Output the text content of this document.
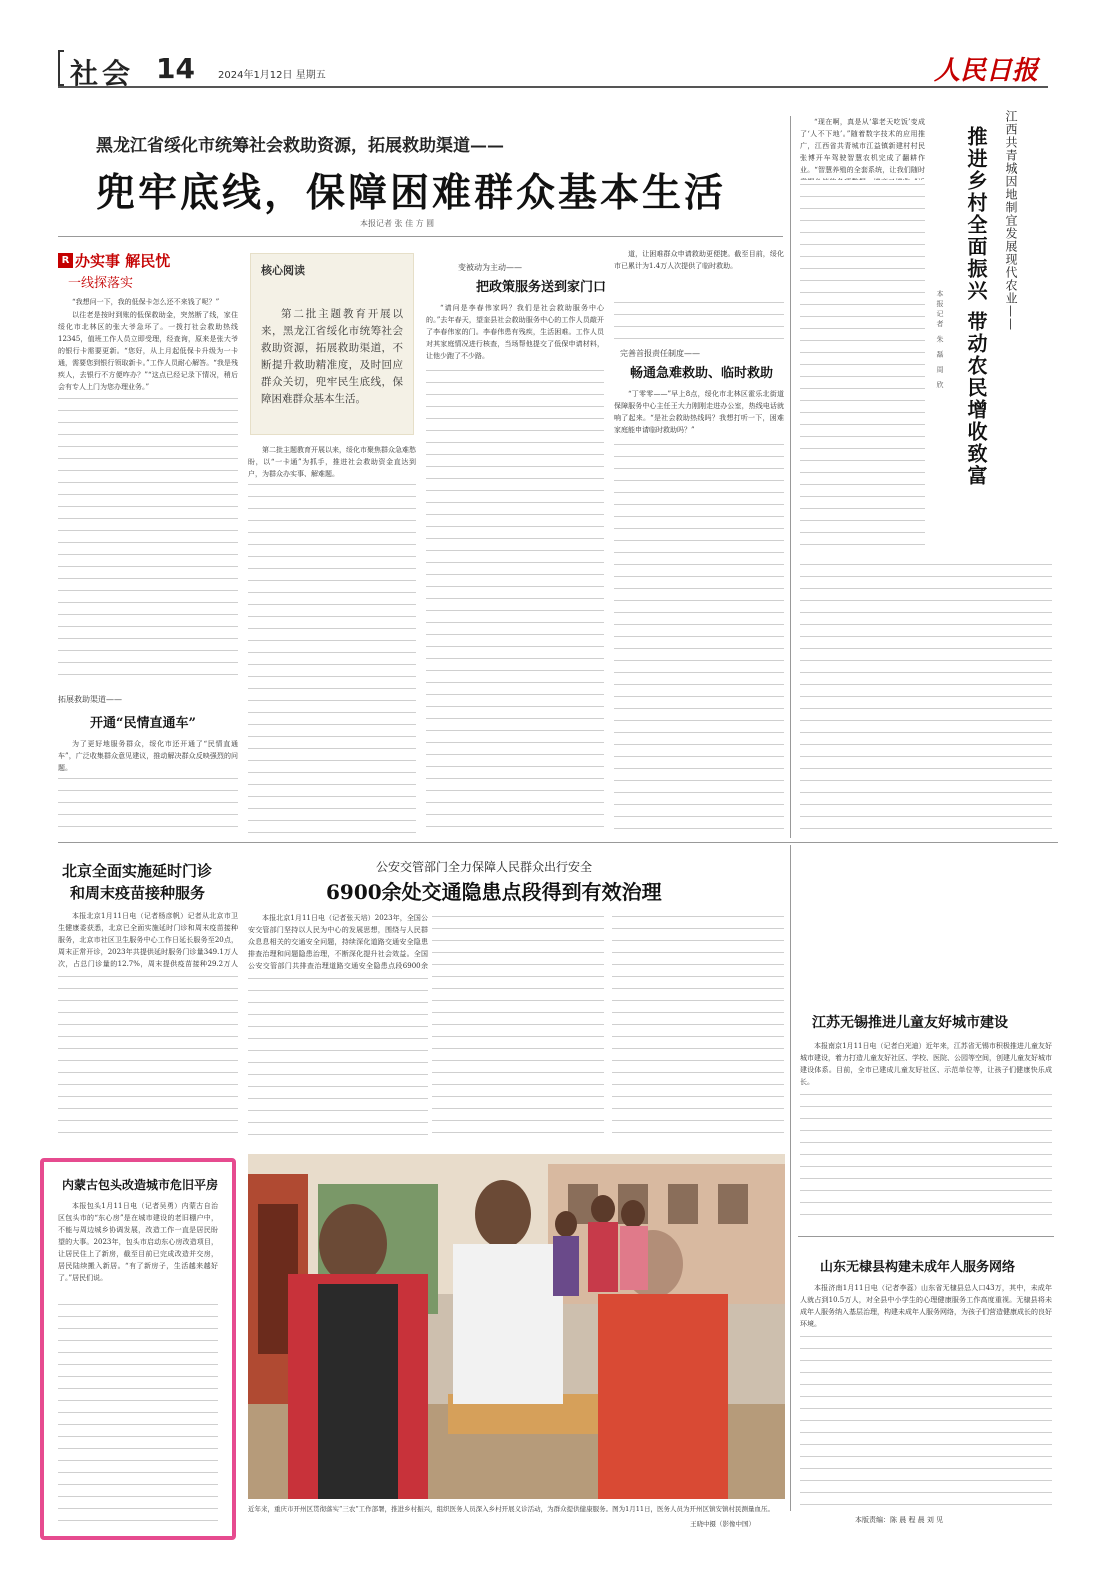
社会 14 2024年1月12日 星期五	人民日报
黑龙江省绥化市统筹社会救助资源，拓展救助渠道——
兜牢底线，保障困难群众基本生活
本报记者 张 佳 方 圆
R 办实事 解民忧
一线探落实

“我想问一下，我的低保卡怎么还不来钱了呢？”

以往老是按时到账的低保救助金，突然断了线，家住绥化市北林区的张大爷急坏了。一拨打社会救助热线12345，值班工作人员立即受理，经查询，原来是张大爷的银行卡需要更新。“您好，从上月起低保卡升级为一卡通，需要您到银行领取新卡。”工作人员耐心解答。“我是残疾人，去银行不方便咋办？”“这点已经记录下情况，稍后会有专人上门为您办理业务。”

拓展救助渠道——
开通“民情直通车”
核心阅读
第二批主题教育开展以来，黑龙江省绥化市统筹社会救助资源，拓展救助渠道，不断提升救助精准度，及时回应群众关切，兜牢民生底线，保障困难群众基本生活。
变被动为主动——
把政策服务送到家门口
“请问是李春伟家吗？我们是社会救助服务中心的。”去年春天，望奎县社会救助服务中心的工作人员敲开了李春伟家的门。李春伟患有残疾，生活困难。工作人员对其家庭情况进行核查，当场帮他提交了低保申请材料，让他少跑了不少路。
道，让困难群众申请救助更便捷。截至目前，绥化市已累计为1.4万人次提供了临时救助。
完善首报责任制度——
畅通急难救助、临时救助
“丁零零——”早上8点，绥化市北林区霍乐北街道保障服务中心主任王大力刚刚走进办公室，热线电话就响了起来。“是社会救助热线吗？我想打听一下，困难家庭能申请临时救助吗？”
第二批主题教育开展以来，绥化市聚焦群众急难愁盼，以“一卡通”为抓手，推进社会救助资金直达到户，为群众办实事、解难题。
为了更好地服务群众，绥化市还开通了“民情直通车”，广泛收集群众意见建议，推动解决群众反映强烈的问题。
江西共青城因地制宜发展现代农业——
推进乡村全面振兴 带动农民增收致富
本报记者 朱 磊 周 欣
“现在啊，真是从‘靠老天吃饭’变成了‘人不下地’。”随着数字技术的应用推广，江西省共青城市江益镇新建村村民张博开车驾驶智慧农机完成了翻耕作业。“智慧养殖的全套系统，让我们随时
北京全面实施延时门诊
和周末疫苗接种服务
本报北京1月11日电（记者杨彦帆）记者从北京市卫生健康委获悉，北京已全面实施延时门诊和周末疫苗接种服务，北京市社区卫生服务中心工作日延长服务至20点，周末正常开诊，2023年共提供延时服务门诊量349.1万人次，占总门诊量的12.7%，周末提供疫苗接种29.2万人
公安交管部门全力保障人民群众出行安全
6900余处交通隐患点段得到有效治理
本报北京1月11日电（记者张天培）2023年，全国公安交管部门坚持以人民为中心的发展思想，围绕与人民群众息息相关的交通安全问题，持续深化道路交通安全隐患排查治理和问题隐患治理，不断深化提升社会效益。全国公安交管部门共排查治理道路交通安全隐患点段6900余
江苏无锡推进儿童友好城市建设
本报南京1月11日电（记者白光迪）近年来，江苏省无锡市积极推进儿童友好城市建设，着力打造儿童友好社区、学校、医院、公园等空间，创建儿童友好城市建设体系。目前，全市已建成儿童友好社区、示范单位等，让孩子们健康快乐成长。
山东无棣县构建未成年人服务网络
本报济南1月11日电（记者李蕊）山东省无棣县总人口43万，其中，未成年人就占到10.5万人，对全县中小学生的心理健康服务工作高度重视。无棣县将未成年人服务纳入基层治理，构建未成年人服务网络，为孩子们营造健康成长的良好环境。
内蒙古包头改造城市危旧平房
本报包头1月11日电（记者吴勇）内蒙古自治区包头市的“东心房”是在城市建设的老旧棚户中，不能与周边城乡协调发展，改造工作一直是居民盼望的大事。2023年，包头市启动东心房改造项目，让居民住上了新房，截至目前已完成改造并交房，居民陆续搬入新居。“有了新房子，生活越来越好了。”居民们说。
近年来，重庆市开州区贯彻落实“三农”工作部署，推进乡村振兴，组织医务人员深入乡村开展义诊活动，为群众提供健康服务。图为1月11日，医务人员为开州区镇安镇村民测量血压。
王晓中摄（影像中国）	本版责编：陈 晨 程 晨 刘 见
